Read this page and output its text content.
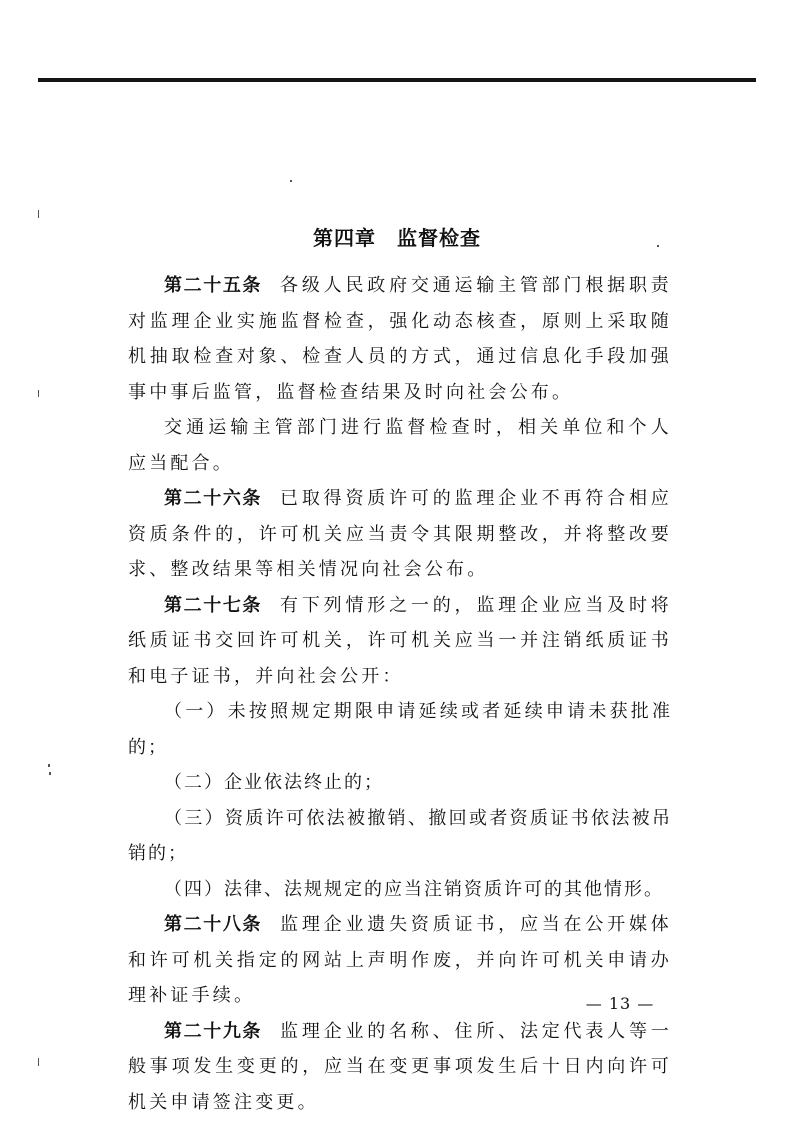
第四章　监督检查

第二十五条 各级人民政府交通运输主管部门根据职责对监理企业实施监督检查，强化动态核查，原则上采取随机抽取检查对象、检查人员的方式，通过信息化手段加强事中事后监管，监督检查结果及时向社会公布。

交通运输主管部门进行监督检查时，相关单位和个人应当配合。

第二十六条 已取得资质许可的监理企业不再符合相应资质条件的，许可机关应当责令其限期整改，并将整改要求、整改结果等相关情况向社会公布。

第二十七条 有下列情形之一的，监理企业应当及时将纸质证书交回许可机关，许可机关应当一并注销纸质证书和电子证书，并向社会公开：

（一）未按照规定期限申请延续或者延续申请未获批准的；

（二）企业依法终止的；

（三）资质许可依法被撤销、撤回或者资质证书依法被吊销的；

（四）法律、法规规定的应当注销资质许可的其他情形。

第二十八条 监理企业遗失资质证书，应当在公开媒体和许可机关指定的网站上声明作废，并向许可机关申请办理补证手续。

第二十九条 监理企业的名称、住所、法定代表人等一般事项发生变更的，应当在变更事项发生后十日内向许可机关申请签注变更。

— 13 —
